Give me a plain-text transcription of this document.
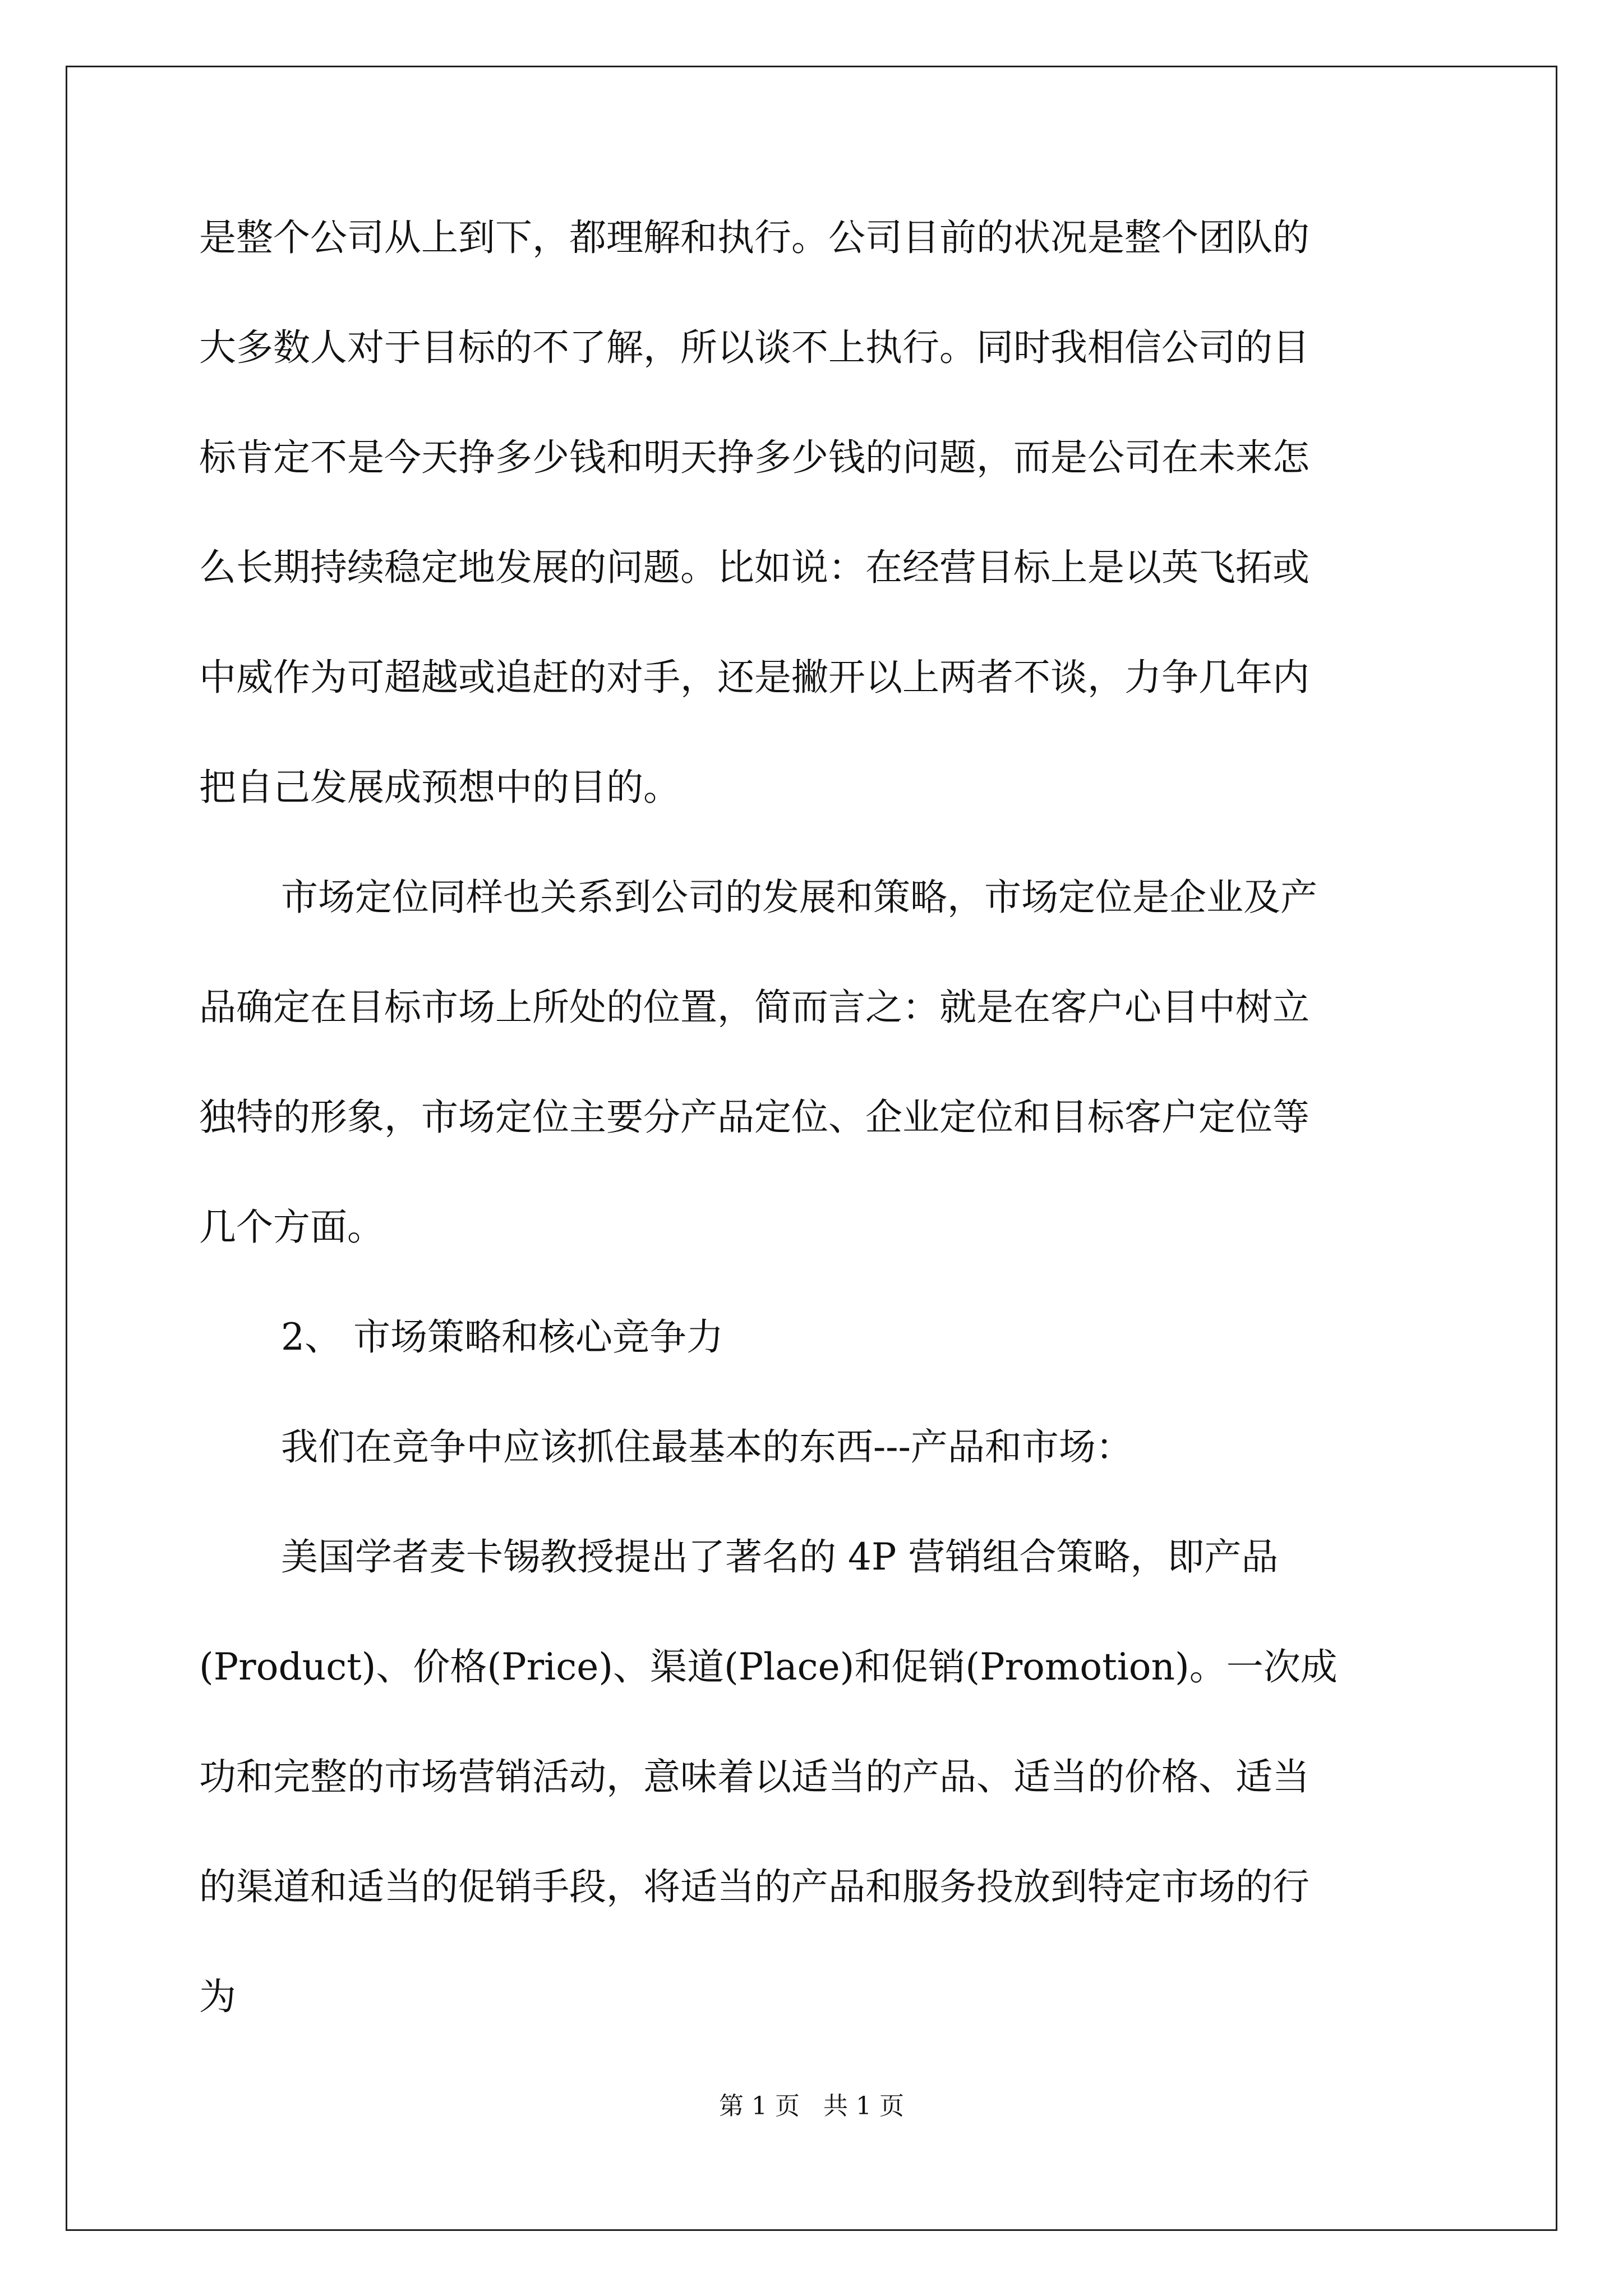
是整个公司从上到下，都理解和执行。公司目前的状况是整个团队的
大多数人对于目标的不了解，所以谈不上执行。同时我相信公司的目
标肯定不是今天挣多少钱和明天挣多少钱的问题，而是公司在未来怎
么长期持续稳定地发展的问题。比如说：在经营目标上是以英飞拓或
中威作为可超越或追赶的对手，还是撇开以上两者不谈，力争几年内
把自己发展成预想中的目的。
市场定位同样也关系到公司的发展和策略，市场定位是企业及产
品确定在目标市场上所处的位置，简而言之：就是在客户心目中树立
独特的形象，市场定位主要分产品定位、企业定位和目标客户定位等
几个方面。
2、 市场策略和核心竞争力
我们在竞争中应该抓住最基本的东西---产品和市场：
美国学者麦卡锡教授提出了著名的 4P 营销组合策略，即产品
(Product)、价格(Price)、渠道(Place)和促销(Promotion)。一次成
功和完整的市场营销活动，意味着以适当的产品、适当的价格、适当
的渠道和适当的促销手段，将适当的产品和服务投放到特定市场的行
为
第 1 页   共 1 页
